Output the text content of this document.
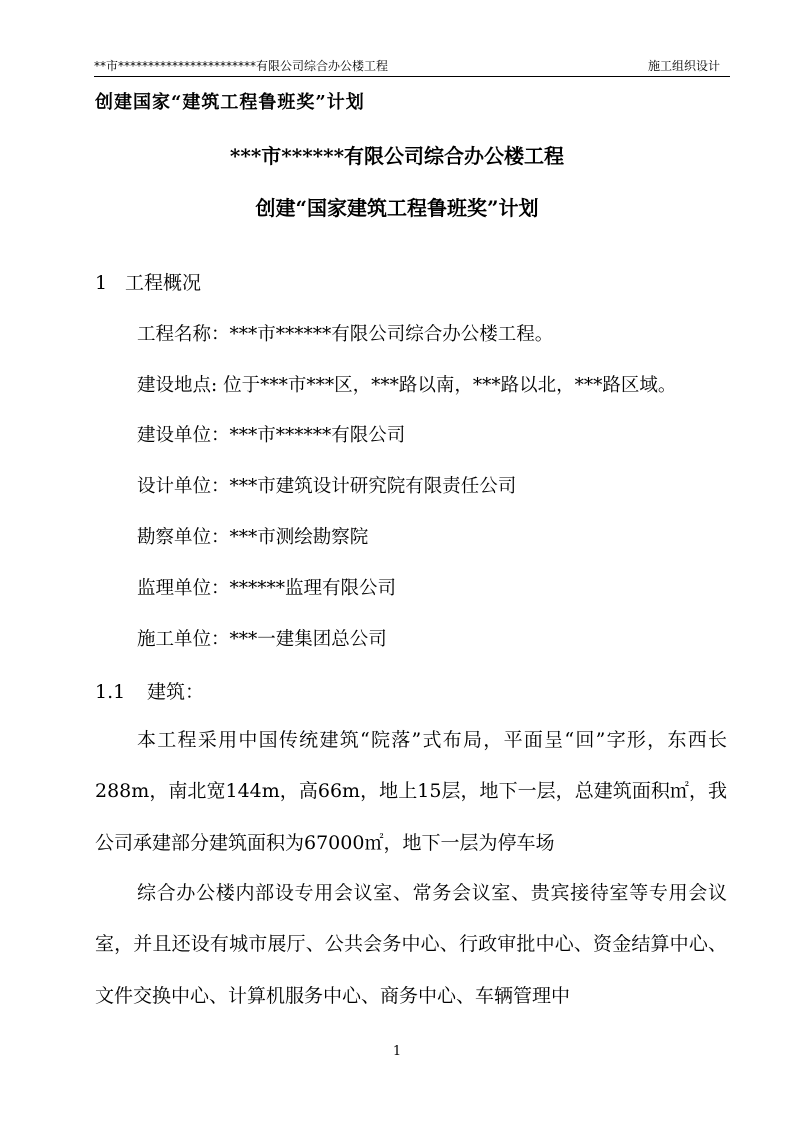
**市***********************有限公司综合办公楼工程	施工组织设计
创建国家“建筑工程鲁班奖”计划
***市******有限公司综合办公楼工程
创建“国家建筑工程鲁班奖”计划
1 工程概况
工程名称：***市******有限公司综合办公楼工程。
建设地点: 位于***市***区，***路以南，***路以北，***路区域。
建设单位：***市******有限公司
设计单位：***市建筑设计研究院有限责任公司
勘察单位：***市测绘勘察院
监理单位：******监理有限公司
施工单位：***一建集团总公司
1.1 建筑：
本工程采用中国传统建筑“院落”式布局，平面呈“回”字形，东西长288m，南北宽144m，高66m，地上15层，地下一层，总建筑面积㎡，我公司承建部分建筑面积为67000㎡，地下一层为停车场
综合办公楼内部设专用会议室、常务会议室、贵宾接待室等专用会议室，并且还设有城市展厅、公共会务中心、行政审批中心、资金结算中心、文件交换中心、计算机服务中心、商务中心、车辆管理中
1
